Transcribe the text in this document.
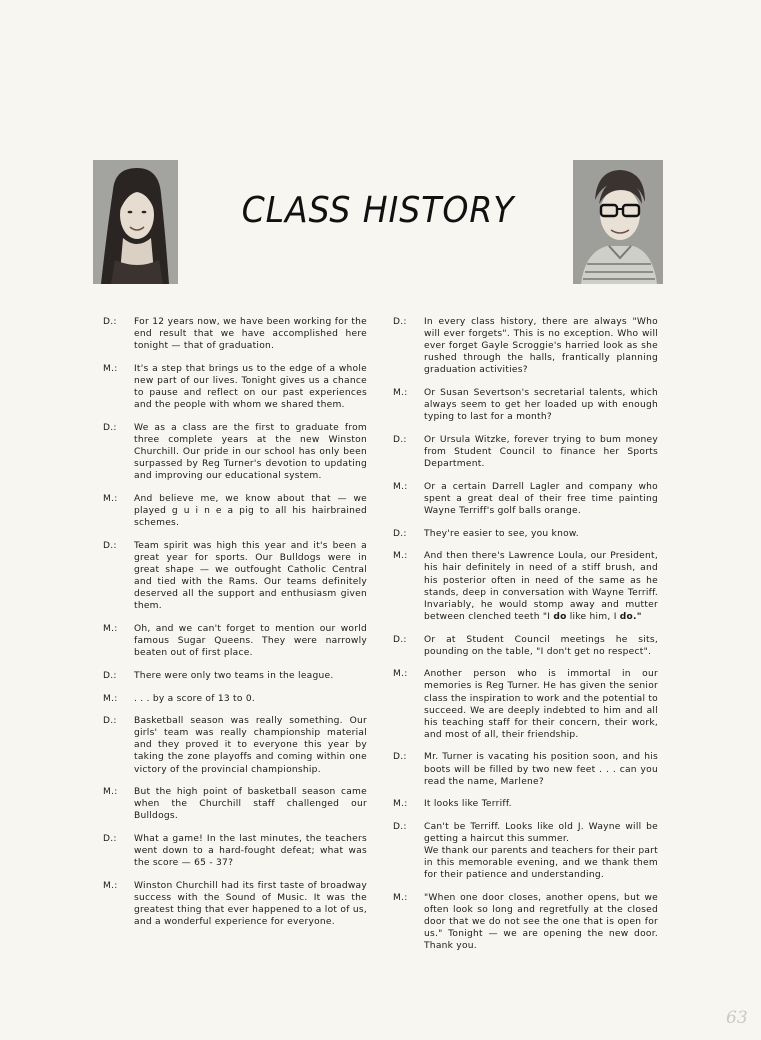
CLASS HISTORY
D.: For 12 years now, we have been working for the end result that we have accomplished here tonight — that of graduation.
M.: It's a step that brings us to the edge of a whole new part of our lives. Tonight gives us a chance to pause and reflect on our past experiences and the people with whom we shared them.
D.: We as a class are the first to graduate from three complete years at the new Winston Churchill. Our pride in our school has only been surpassed by Reg Turner's devotion to updating and improving our educational system.
M.: And believe me, we know about that — we played g u i n e a pig to all his hairbrained schemes.
D.: Team spirit was high this year and it's been a great year for sports. Our Bulldogs were in great shape — we outfought Catholic Central and tied with the Rams. Our teams definitely deserved all the support and enthusiasm given them.
M.: Oh, and we can't forget to mention our world famous Sugar Queens. They were narrowly beaten out of first place.
D.: There were only two teams in the league.
M.: . . . by a score of 13 to 0.
D.: Basketball season was really something. Our girls' team was really championship material and they proved it to everyone this year by taking the zone playoffs and coming within one victory of the provincial championship.
M.: But the high point of basketball season came when the Churchill staff challenged our Bulldogs.
D.: What a game! In the last minutes, the teachers went down to a hard-fought defeat; what was the score — 65 - 37?
M.: Winston Churchill had its first taste of broadway success with the Sound of Music. It was the greatest thing that ever happened to a lot of us, and a wonderful experience for everyone.
D.: In every class history, there are always "Who will ever forgets". This is no exception. Who will ever forget Gayle Scroggie's harried look as she rushed through the halls, frantically planning graduation activities?
M.: Or Susan Severtson's secretarial talents, which always seem to get her loaded up with enough typing to last for a month?
D.: Or Ursula Witzke, forever trying to bum money from Student Council to finance her Sports Department.
M.: Or a certain Darrell Lagler and company who spent a great deal of their free time painting Wayne Terriff's golf balls orange.
D.: They're easier to see, you know.
M.: And then there's Lawrence Loula, our President, his hair definitely in need of a stiff brush, and his posterior often in need of the same as he stands, deep in conversation with Wayne Terriff. Invariably, he would stomp away and mutter between clenched teeth "I do like him, I do."
D.: Or at Student Council meetings he sits, pounding on the table, "I don't get no respect".
M.: Another person who is immortal in our memories is Reg Turner. He has given the senior class the inspiration to work and the potential to succeed. We are deeply indebted to him and all his teaching staff for their concern, their work, and most of all, their friendship.
D.: Mr. Turner is vacating his position soon, and his boots will be filled by two new feet . . . can you read the name, Marlene?
M.: It looks like Terriff.
D.: Can't be Terriff. Looks like old J. Wayne will be getting a haircut this summer.
We thank our parents and teachers for their part in this memorable evening, and we thank them for their patience and understanding.
M.: "When one door closes, another opens, but we often look so long and regretfully at the closed door that we do not see the one that is open for us." Tonight — we are opening the new door. Thank you.
63
